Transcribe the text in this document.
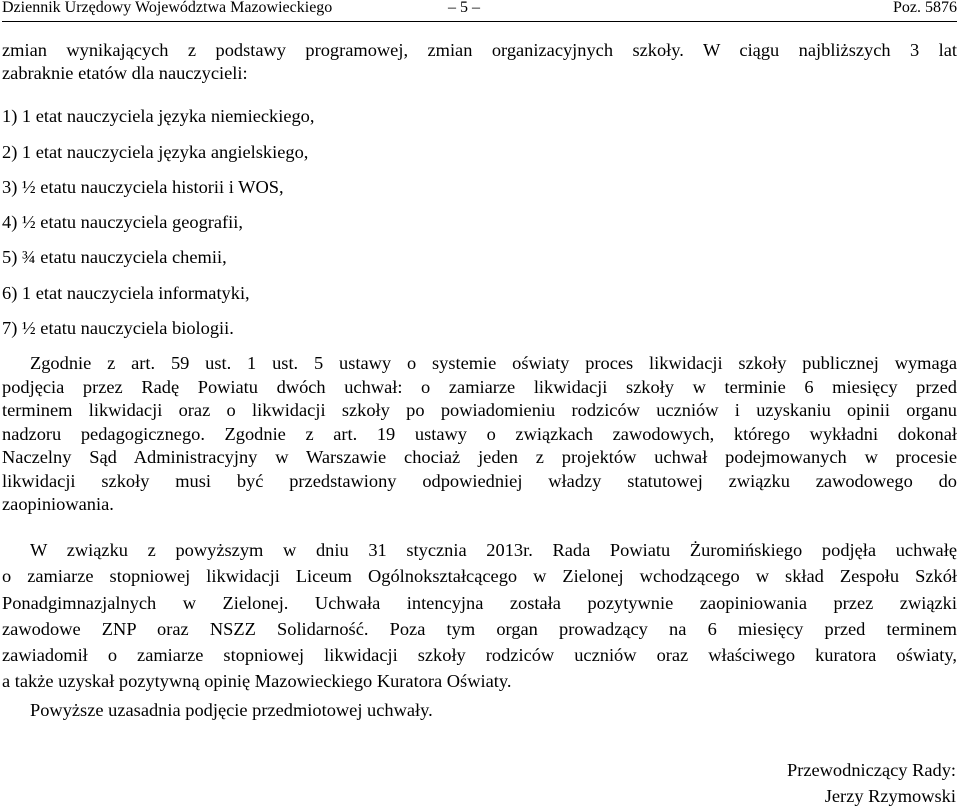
Dziennik Urzędowy Województwa Mazowieckiego	– 5 –	Poz. 5876
zmian wynikających z podstawy programowej, zmian organizacyjnych szkoły. W ciągu najbliższych 3 lat
zabraknie etatów dla nauczycieli:
1) 1 etat nauczyciela języka niemieckiego,
2) 1 etat nauczyciela języka angielskiego,
3) ½ etatu nauczyciela historii i WOS,
4) ½ etatu nauczyciela geografii,
5) ¾ etatu nauczyciela chemii,
6) 1 etat nauczyciela informatyki,
7) ½ etatu nauczyciela biologii.
Zgodnie z art. 59 ust. 1 ust. 5 ustawy o systemie oświaty proces likwidacji szkoły publicznej wymaga
podjęcia przez Radę Powiatu dwóch uchwał: o zamiarze likwidacji szkoły w terminie 6 miesięcy przed
terminem likwidacji oraz o likwidacji szkoły po powiadomieniu rodziców uczniów i uzyskaniu opinii organu
nadzoru pedagogicznego. Zgodnie z art. 19 ustawy o związkach zawodowych, którego wykładni dokonał
Naczelny Sąd Administracyjny w Warszawie chociaż jeden z projektów uchwał podejmowanych w procesie
likwidacji szkoły musi być przedstawiony odpowiedniej władzy statutowej związku zawodowego do
zaopiniowania.
W związku z powyższym w dniu 31 stycznia 2013r. Rada Powiatu Żuromińskiego podjęła uchwałę
o zamiarze stopniowej likwidacji Liceum Ogólnokształcącego w Zielonej wchodzącego w skład Zespołu Szkół
Ponadgimnazjalnych w Zielonej. Uchwała intencyjna została pozytywnie zaopiniowania przez związki
zawodowe ZNP oraz NSZZ Solidarność. Poza tym organ prowadzący na 6 miesięcy przed terminem
zawiadomił o zamiarze stopniowej likwidacji szkoły rodziców uczniów oraz właściwego kuratora oświaty,
a także uzyskał pozytywną opinię Mazowieckiego Kuratora Oświaty.
Powyższe uzasadnia podjęcie przedmiotowej uchwały.
Przewodniczący Rady:
Jerzy Rzymowski
